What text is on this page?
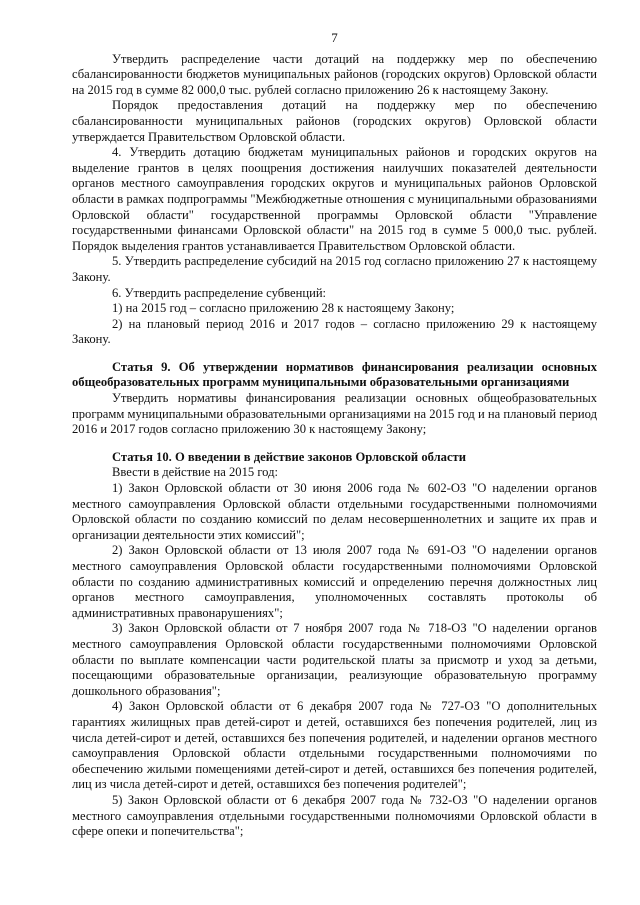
7

Утвердить распределение части дотаций на поддержку мер по обеспечению сбалансированности бюджетов муниципальных районов (городских округов) Орловской области на 2015 год в сумме 82 000,0 тыс. рублей согласно приложению 26 к настоящему Закону.

Порядок предоставления дотаций на поддержку мер по обеспечению сбалансированности муниципальных районов (городских округов) Орловской области утверждается Правительством Орловской области.

4. Утвердить дотацию бюджетам муниципальных районов и городских округов на выделение грантов в целях поощрения достижения наилучших показателей деятельности органов местного самоуправления городских округов и муниципальных районов Орловской области в рамках подпрограммы "Межбюджетные отношения с муниципальными образованиями Орловской области" государственной программы Орловской области "Управление государственными финансами Орловской области" на 2015 год в сумме 5 000,0 тыс. рублей. Порядок выделения грантов устанавливается Правительством Орловской области.

5. Утвердить распределение субсидий на 2015 год согласно приложению 27 к настоящему Закону.

6. Утвердить распределение субвенций:

1) на 2015 год – согласно приложению 28 к настоящему Закону;

2) на плановый период 2016 и 2017 годов – согласно приложению 29 к настоящему Закону.

Статья 9. Об утверждении нормативов финансирования реализации основных общеобразовательных программ муниципальными образовательными организациями

Утвердить нормативы финансирования реализации основных общеобразовательных программ муниципальными образовательными организациями на 2015 год и на плановый период 2016 и 2017 годов согласно приложению 30 к настоящему Закону;

Статья 10. О введении в действие законов Орловской области

Ввести в действие на 2015 год:

1) Закон Орловской области от 30 июня 2006 года № 602-ОЗ "О наделении органов местного самоуправления Орловской области отдельными государственными полномочиями Орловской области по созданию комиссий по делам несовершеннолетних и защите их прав и организации деятельности этих комиссий";

2) Закон Орловской области от 13 июля 2007 года № 691-ОЗ "О наделении органов местного самоуправления Орловской области государственными полномочиями Орловской области по созданию административных комиссий и определению перечня должностных лиц органов местного самоуправления, уполномоченных составлять протоколы об административных правонарушениях";

3) Закон Орловской области от 7 ноября 2007 года № 718-ОЗ "О наделении органов местного самоуправления Орловской области государственными полномочиями Орловской области по выплате компенсации части родительской платы за присмотр и уход за детьми, посещающими образовательные организации, реализующие образовательную программу дошкольного образования";

4) Закон Орловской области от 6 декабря 2007 года № 727-ОЗ "О дополнительных гарантиях жилищных прав детей-сирот и детей, оставшихся без попечения родителей, лиц из числа детей-сирот и детей, оставшихся без попечения родителей, и наделении органов местного самоуправления Орловской области отдельными государственными полномочиями по обеспечению жилыми помещениями детей-сирот и детей, оставшихся без попечения родителей, лиц из числа детей-сирот и детей, оставшихся без попечения родителей";

5) Закон Орловской области от 6 декабря 2007 года № 732-ОЗ "О наделении органов местного самоуправления отдельными государственными полномочиями Орловской области в сфере опеки и попечительства";
